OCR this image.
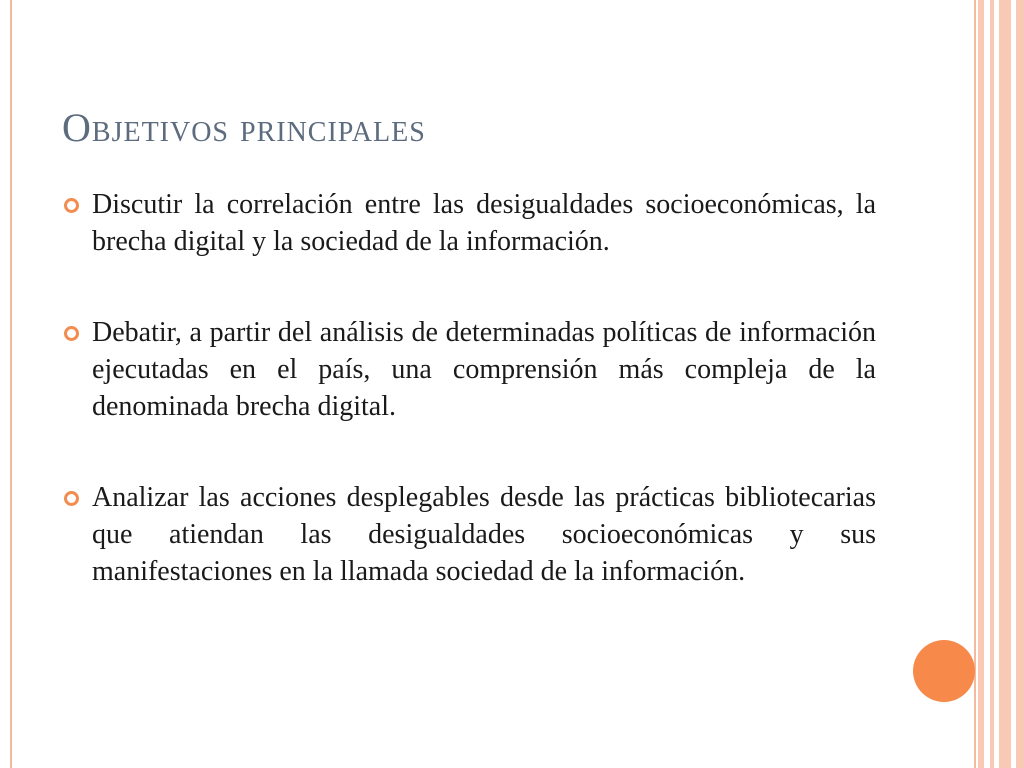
Objetivos principales
Discutir la correlación entre las desigualdades socioeconómicas, la brecha digital y la sociedad de la información.
Debatir, a partir del análisis de determinadas políticas de información ejecutadas en el país, una comprensión más compleja de la denominada brecha digital.
Analizar las acciones desplegables desde las prácticas bibliotecarias que atiendan las desigualdades socioeconómicas y sus manifestaciones en la llamada sociedad de la información.
